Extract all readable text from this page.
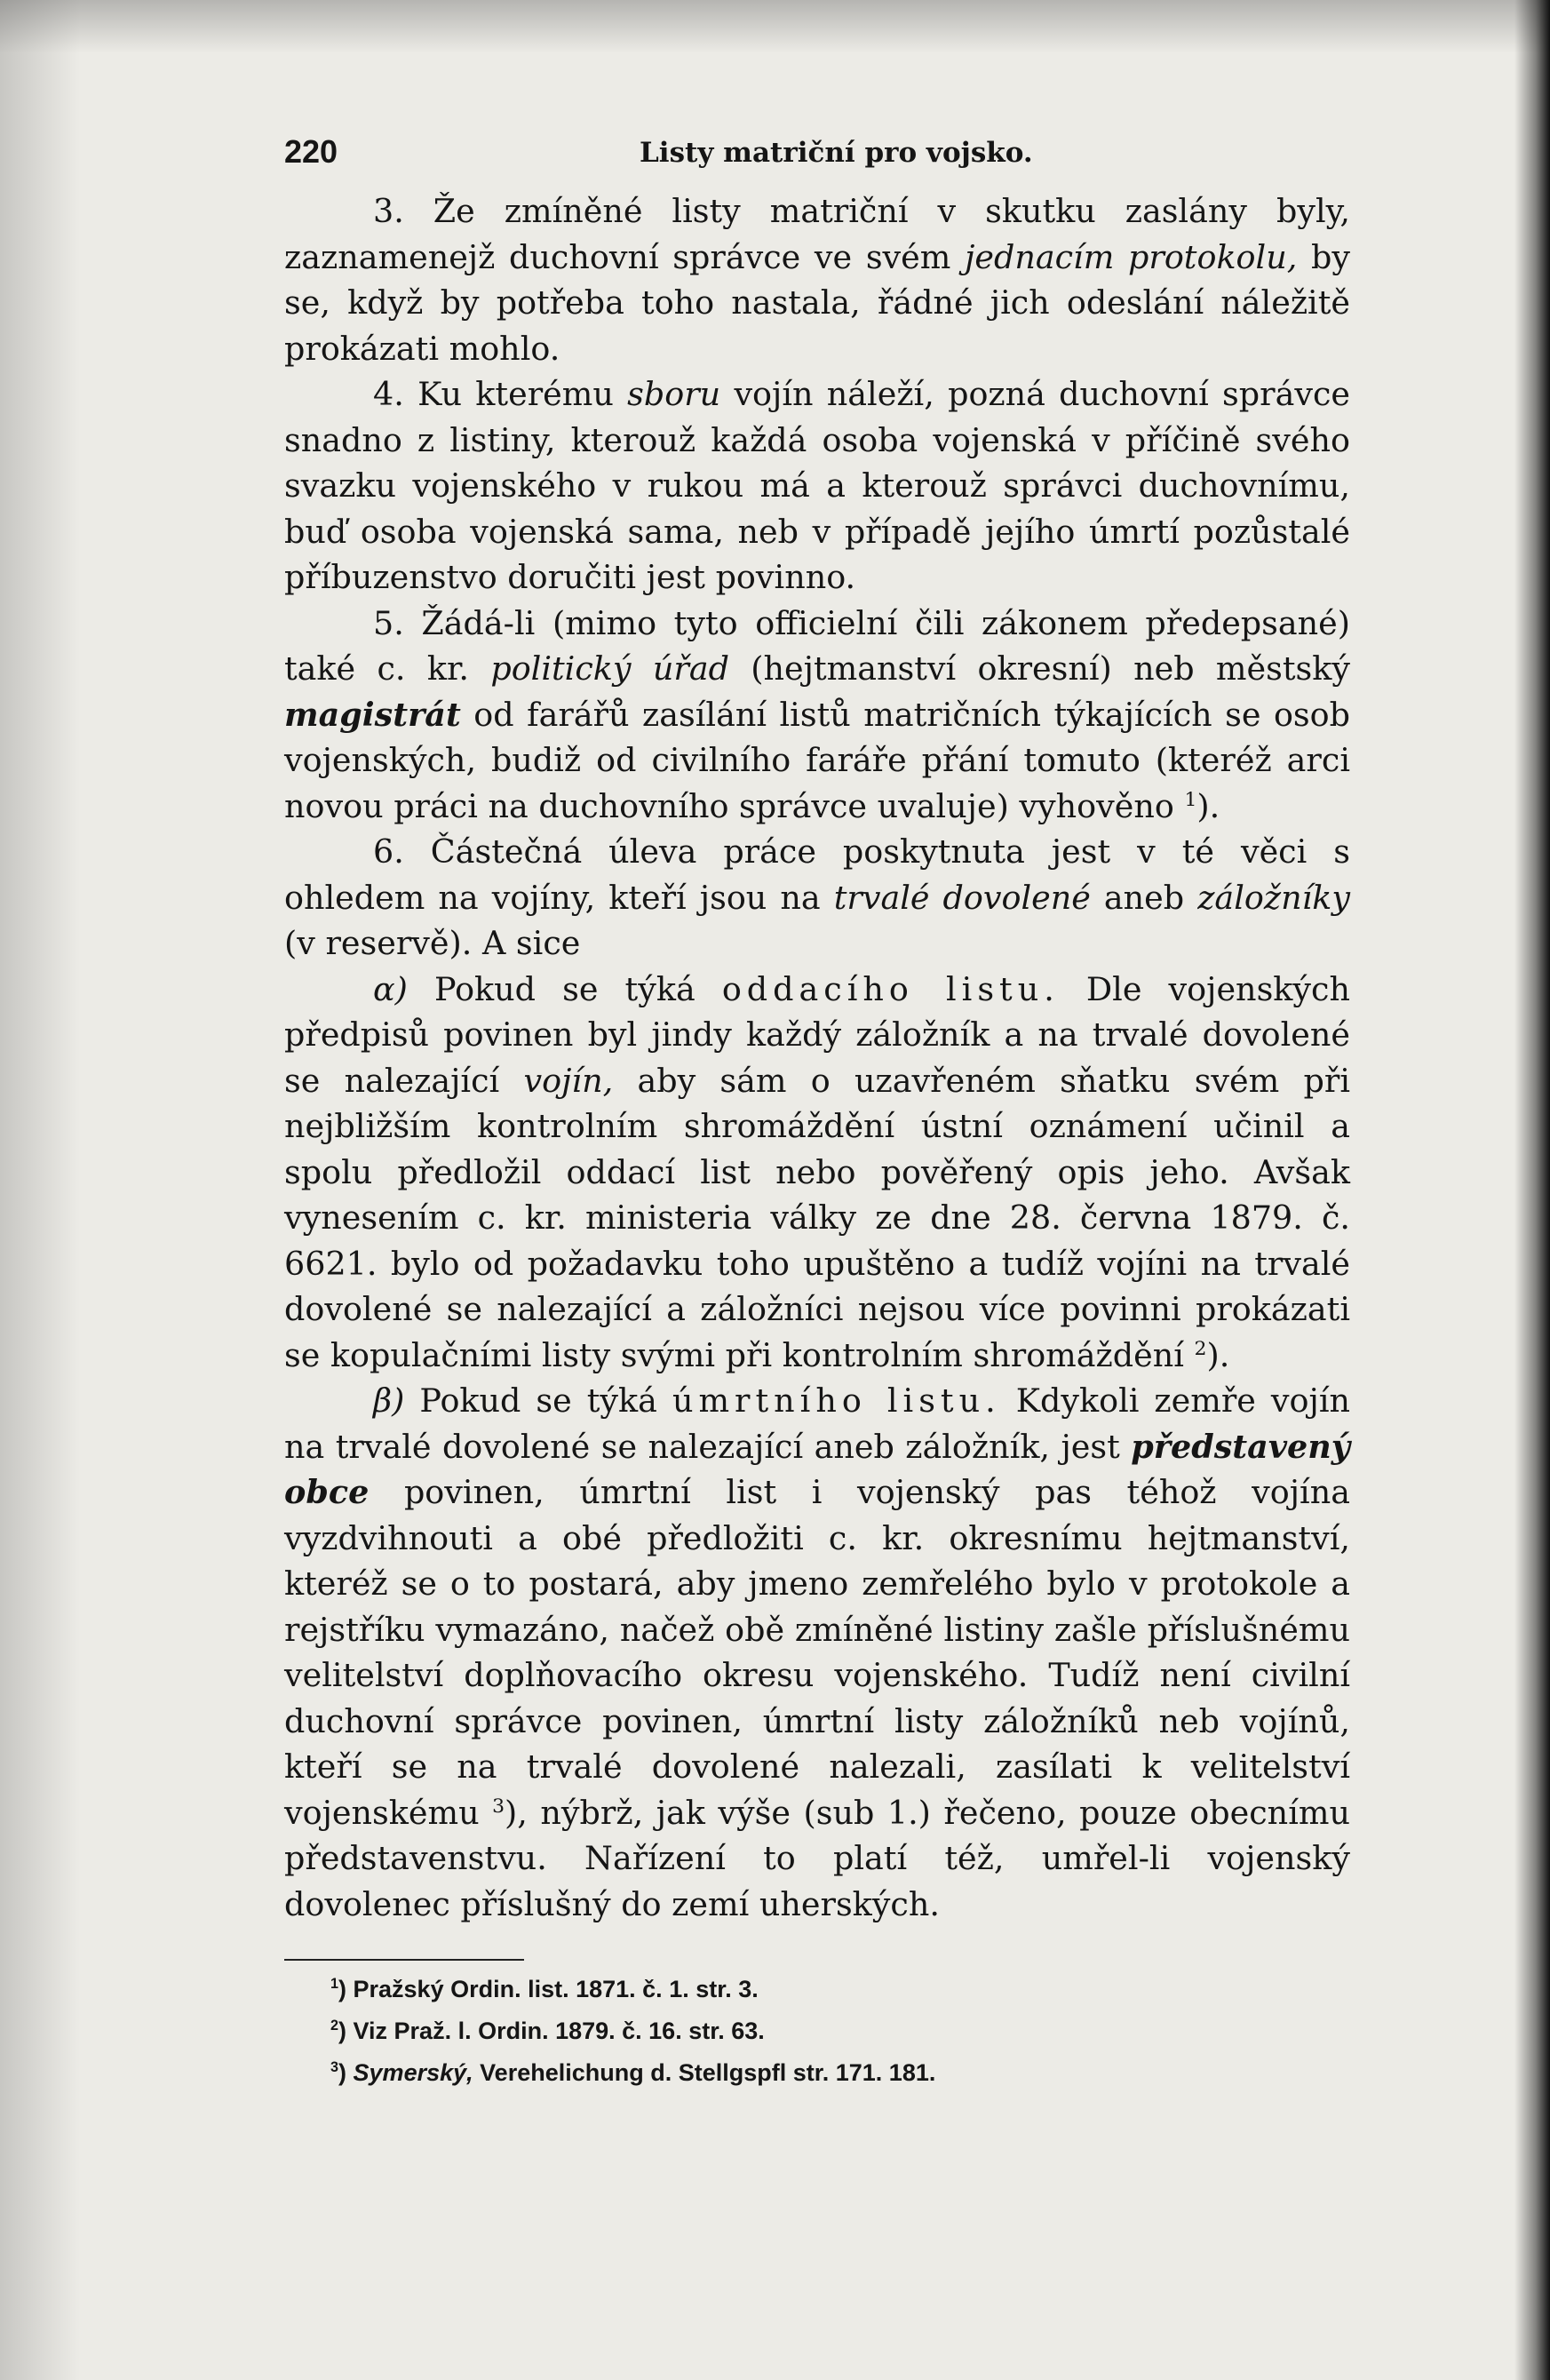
220	Listy matriční pro vojsko.

3. Že zmíněné listy matriční v skutku zaslány byly, zaznamenejž duchovní správce ve svém jednacím protokolu, by se, když by potřeba toho nastala, řádné jich odeslání náležitě prokázati mohlo.

4. Ku kterému sboru vojín náleží, pozná duchovní správce snadno z listiny, kterouž každá osoba vojenská v příčině svého svazku vojenského v rukou má a kterouž správci duchovnímu, buď osoba vojenská sama, neb v případě jejího úmrtí pozůstalé příbuzenstvo doručiti jest povinno.

5. Žádá-li (mimo tyto officielní čili zákonem předepsané) také c. kr. politický úřad (hejtmanství okresní) neb městský magistrát od farářů zasílání listů matričních týkajících se osob vojenských, budiž od civilního faráře přání tomuto (kteréž arci novou práci na duchovního správce uvaluje) vyhověno $^1$).

6. Částečná úleva práce poskytnuta jest v té věci s ohledem na vojíny, kteří jsou na trvalé dovolené aneb záložníky (v reservě). A sice

α) Pokud se týká oddacího listu. Dle vojenských předpisů povinen byl jindy každý záložník a na trvalé dovolené se nalezající vojín, aby sám o uzavřeném sňatku svém při nejbližším kontrolním shromáždění ústní oznámení učinil a spolu předložil oddací list nebo pověřený opis jeho. Avšak vynesením c. kr. ministeria války ze dne 28. června 1879. č. 6621. bylo od požadavku toho upuštěno a tudíž vojíni na trvalé dovolené se nalezající a záložníci nejsou více povinni prokázati se kopulačními listy svými při kontrolním shromáždění $^2$).

β) Pokud se týká úmrtního listu. Kdykoli zemře vojín na trvalé dovolené se nalezající aneb záložník, jest představený obce povinen, úmrtní list i vojenský pas téhož vojína vyzdvihnouti a obé předložiti c. kr. okresnímu hejtmanství, kteréž se o to postará, aby jmeno zemřelého bylo v protokole a rejstříku vymazáno, načež obě zmíněné listiny zašle příslušnému velitelství doplňovacího okresu vojenského. Tudíž není civilní duchovní správce povinen, úmrtní listy záložníků neb vojínů, kteří se na trvalé dovolené nalezali, zasílati k velitelství vojenskému $^3$), nýbrž, jak výše (sub 1.) řečeno, pouze obecnímu představenstvu. Nařízení to platí též, umřel-li vojenský dovolenec příslušný do zemí uherských.

$^1$) Pražský Ordin. list. 1871. č. 1. str. 3.
$^2$) Viz Praž. l. Ordin. 1879. č. 16. str. 63.
$^3$) Symerský, Verehelichung d. Stellgspfl str. 171. 181.
